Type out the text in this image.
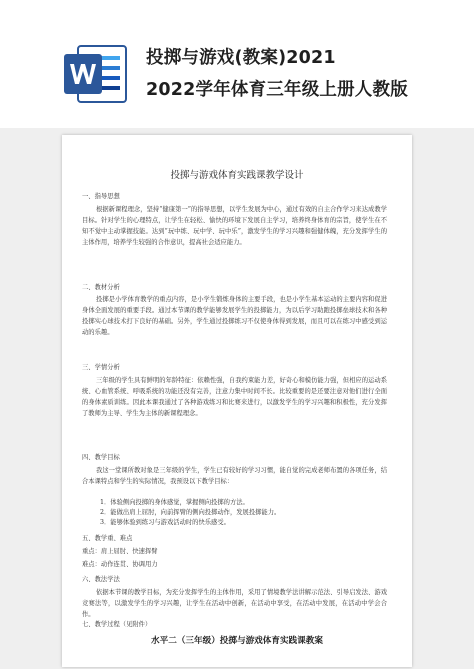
投掷与游戏(教案)2021
2022学年体育三年级上册人教版
投掷与游戏体育实践课教学设计
一、指导思想

根据新课程理念，坚持“健康第一”的指导思想，以学生发展为中心，通过有效的自主合作学习来达成教学目标。针对学生的心理特点，让学生在轻松、愉快的环境下发展自主学习，培养终身体育的宗旨，使学生在不知不觉中主动掌握技能。达到“玩中练、玩中学、玩中乐”，激发学生的学习兴趣和强健体魄，充分发挥学生的主体作用，培养学生较强的合作意识，提高社会适应能力。

二、教材分析

投掷是小学体育教学的重点内容，是小学生锻炼身体的主要手段，也是小学生基本运动的主要内容和促进身体全面发展的重要手段。通过本节课的教学能够发展学生的投掷能力，为以后学习助跑投掷垒球技术和各种投掷实心球技术打下良好的基础。另外，学生通过投掷练习不仅使身体得到发展，而且可以在练习中感受到运动的乐趣。

三、学情分析

三年级的学生具有鲜明的年龄特征：依赖性强，自我约束能力差，好奇心和模仿能力强，但相应的运动系统、心血管系统、呼吸系统的功能还没有完善，注意力集中时间不长。比较重要的是还要注意对他们进行全面的身体素质训练。因此本课我通过了各种游戏练习和比赛来进行，以激发学生的学习兴趣和积极性，充分发挥了教师为主导、学生为主体的新课程理念。

四、教学目标

我这一堂课所教对象是三年级的学生，学生已有较好的学习习惯，能自觉的完成老师布置的各项任务，结合本课特点和学生的实际情况，我预设以下教学目标：

1．体验侧向投掷的身体感觉，掌握侧向投掷的方法。
2．能做出肩上屈肘，向前挥臂的侧向投掷动作，发展投掷能力。
3．能够体验到练习与游戏活动时的快乐感受。
五、教学重、难点
重点：肩上屈肘、快速挥臂
难点：动作连贯、协调用力
六、教法学法

依据本节课的教学目标，为充分发挥学生的主体作用，采用了情境教学法讲解示范法、引导启发法、游戏竞赛法等，以激发学生的学习兴趣，让学生在活动中创新，在活动中享受，在活动中发展，在活动中学会合作。

七、教学过程（见附件）
水平二（三年级）投掷与游戏体育实践课教案
